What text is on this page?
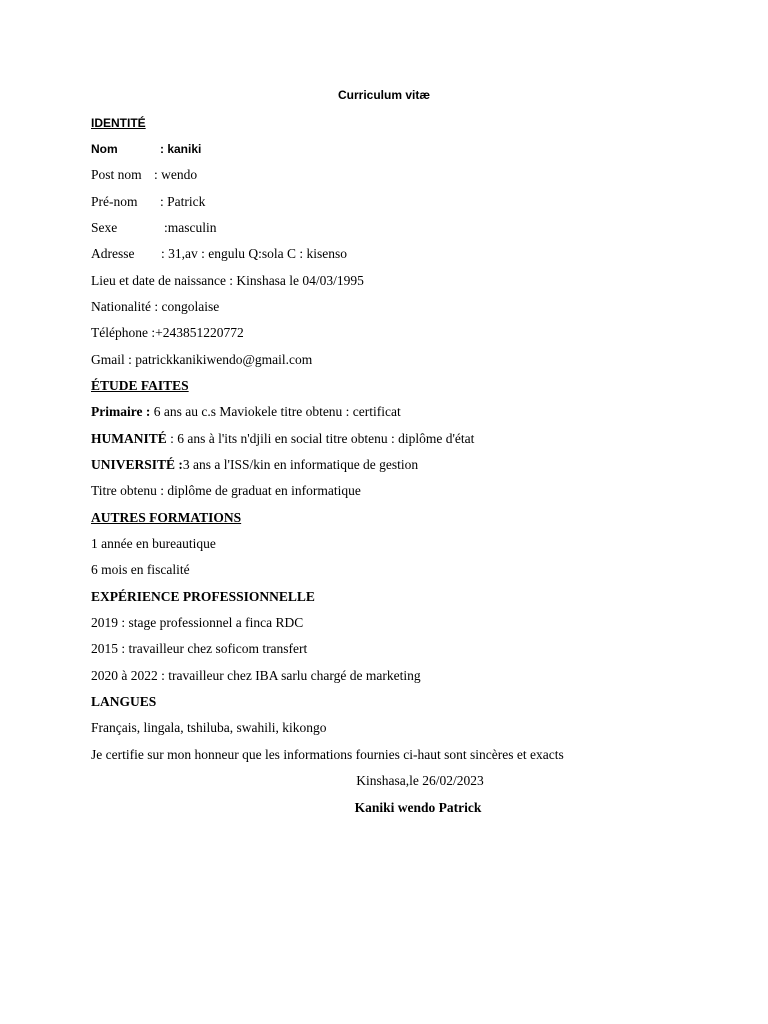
Curriculum vitæ
IDENTITÉ
Nom	: kaniki
Post nom : wendo
Pré-nom : Patrick
Sexe	:masculin
Adresse : 31,av : engulu Q:sola C : kisenso
Lieu et date de naissance : Kinshasa le 04/03/1995
Nationalité : congolaise
Téléphone :+243851220772
Gmail : patrickkanikiwendo@gmail.com
ÉTUDE FAITES
Primaire : 6 ans au c.s Maviokele titre obtenu : certificat
HUMANITÉ : 6 ans à l'its n'djili en social titre obtenu : diplôme d'état
UNIVERSITÉ :3 ans a l'ISS/kin en informatique de gestion
Titre obtenu : diplôme de graduat en informatique
AUTRES FORMATIONS
1 année en bureautique
6 mois en fiscalité
EXPÉRIENCE PROFESSIONNELLE
2019 : stage professionnel a finca RDC
2015 : travailleur chez soficom transfert
2020 à 2022 : travailleur chez IBA sarlu chargé de marketing
LANGUES
Français, lingala, tshiluba, swahili, kikongo
Je certifie sur mon honneur que les informations fournies ci-haut sont sincères et exacts
Kinshasa,le 26/02/2023
Kaniki wendo Patrick
